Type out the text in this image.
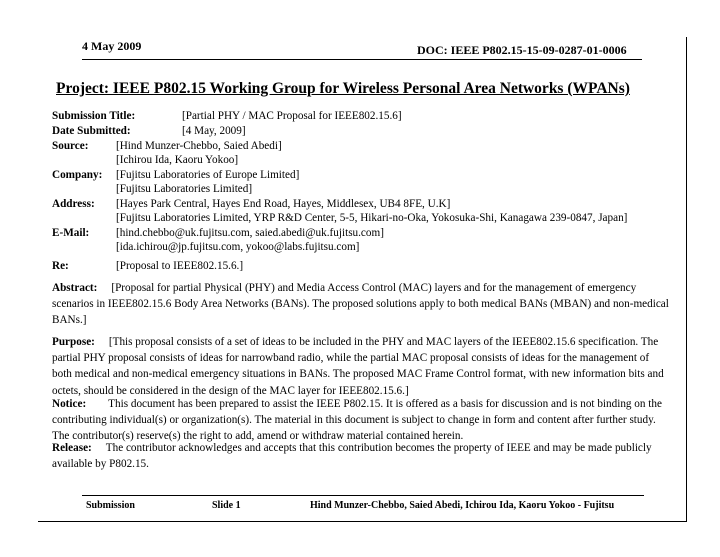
4 May 2009	DOC: IEEE P802.15-15-09-0287-01-0006
Project: IEEE P802.15 Working Group for Wireless Personal Area Networks (WPANs)
Submission Title:	[Partial PHY / MAC Proposal for IEEE802.15.6]
Date Submitted:	[4 May, 2009]
Source: [Hind Munzer-Chebbo, Saied Abedi]
[Ichirou Ida, Kaoru Yokoo]
Company: [Fujitsu Laboratories of Europe Limited]
[Fujitsu Laboratories Limited]
Address: [Hayes Park Central, Hayes End Road, Hayes, Middlesex, UB4 8FE, U.K]
[Fujitsu Laboratories Limited, YRP R&D Center, 5-5, Hikari-no-Oka, Yokosuka-Shi, Kanagawa 239-0847, Japan]
E-Mail: [hind.chebbo@uk.fujitsu.com, saied.abedi@uk.fujitsu.com]
[ida.ichirou@jp.fujitsu.com, yokoo@labs.fujitsu.com]
Re:	[Proposal to IEEE802.15.6.]
Abstract: [Proposal for partial Physical (PHY) and Media Access Control (MAC) layers and for the management of emergency scenarios in IEEE802.15.6 Body Area Networks (BANs). The proposed solutions apply to both medical BANs (MBAN) and non-medical BANs.]
Purpose: [This proposal consists of a set of ideas to be included in the PHY and MAC layers of the IEEE802.15.6 specification. The partial PHY proposal consists of ideas for narrowband radio, while the partial MAC proposal consists of ideas for the management of both medical and non-medical emergency situations in BANs. The proposed MAC Frame Control format, with new information bits and octets, should be considered in the design of the MAC layer for IEEE802.15.6.]
Notice: This document has been prepared to assist the IEEE P802.15. It is offered as a basis for discussion and is not binding on the contributing individual(s) or organization(s). The material in this document is subject to change in form and content after further study. The contributor(s) reserve(s) the right to add, amend or withdraw material contained herein.
Release: The contributor acknowledges and accepts that this contribution becomes the property of IEEE and may be made publicly available by P802.15.
Submission	Slide 1	Hind Munzer-Chebbo, Saied Abedi, Ichirou Ida, Kaoru Yokoo - Fujitsu
